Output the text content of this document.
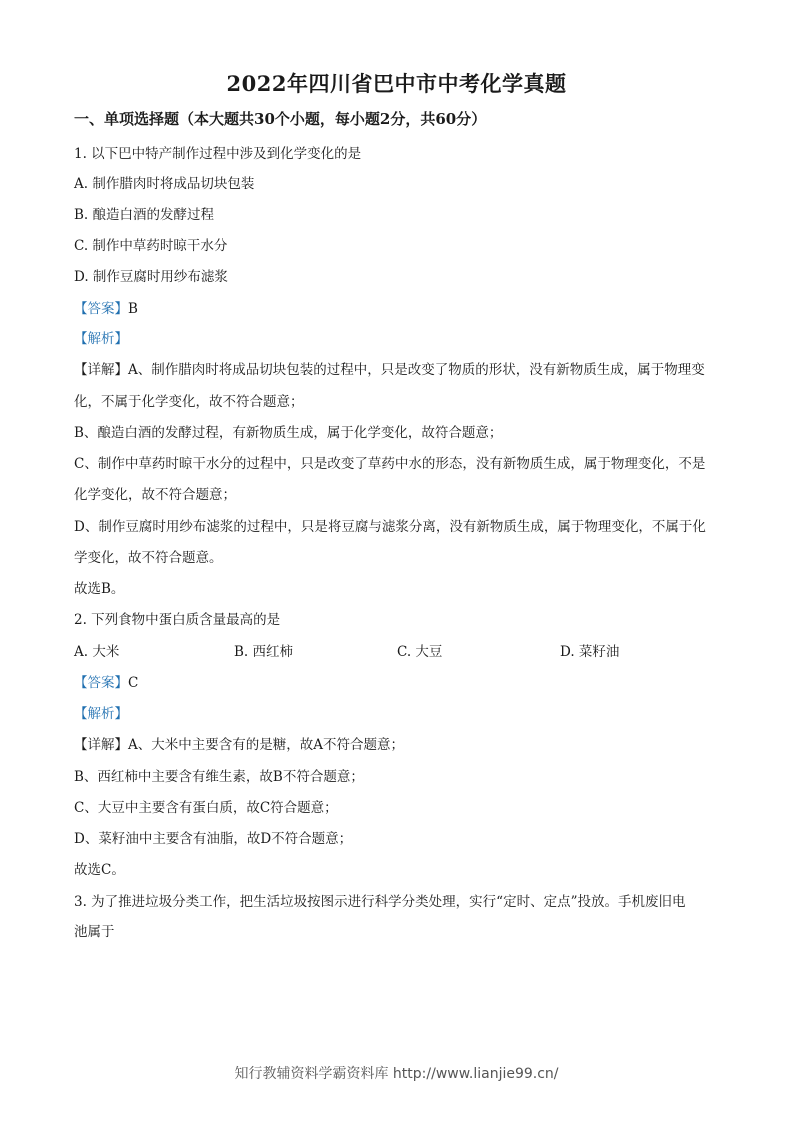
2022年四川省巴中市中考化学真题
一、单项选择题（本大题共30个小题，每小题2分，共60分）
1. 以下巴中特产制作过程中涉及到化学变化的是
A. 制作腊肉时将成品切块包装
B. 酿造白酒的发酵过程
C. 制作中草药时晾干水分
D. 制作豆腐时用纱布滤浆
【答案】B
【解析】
【详解】A、制作腊肉时将成品切块包装的过程中，只是改变了物质的形状，没有新物质生成，属于物理变
化，不属于化学变化，故不符合题意；
B、酿造白酒的发酵过程，有新物质生成，属于化学变化，故符合题意；
C、制作中草药时晾干水分的过程中，只是改变了草药中水的形态，没有新物质生成，属于物理变化，不是
化学变化，故不符合题意；
D、制作豆腐时用纱布滤浆的过程中，只是将豆腐与滤浆分离，没有新物质生成，属于物理变化，不属于化
学变化，故不符合题意。
故选B。
2. 下列食物中蛋白质含量最高的是
A. 大米	B. 西红柿	C. 大豆	D. 菜籽油
【答案】C
【解析】
【详解】A、大米中主要含有的是糖，故A不符合题意；
B、西红柿中主要含有维生素，故B不符合题意；
C、大豆中主要含有蛋白质，故C符合题意；
D、菜籽油中主要含有油脂，故D不符合题意；
故选C。
3. 为了推进垃圾分类工作，把生活垃圾按图示进行科学分类处理，实行“定时、定点”投放。手机废旧电
池属于
知行教辅资料学霸资料库 http://www.lianjie99.cn/
